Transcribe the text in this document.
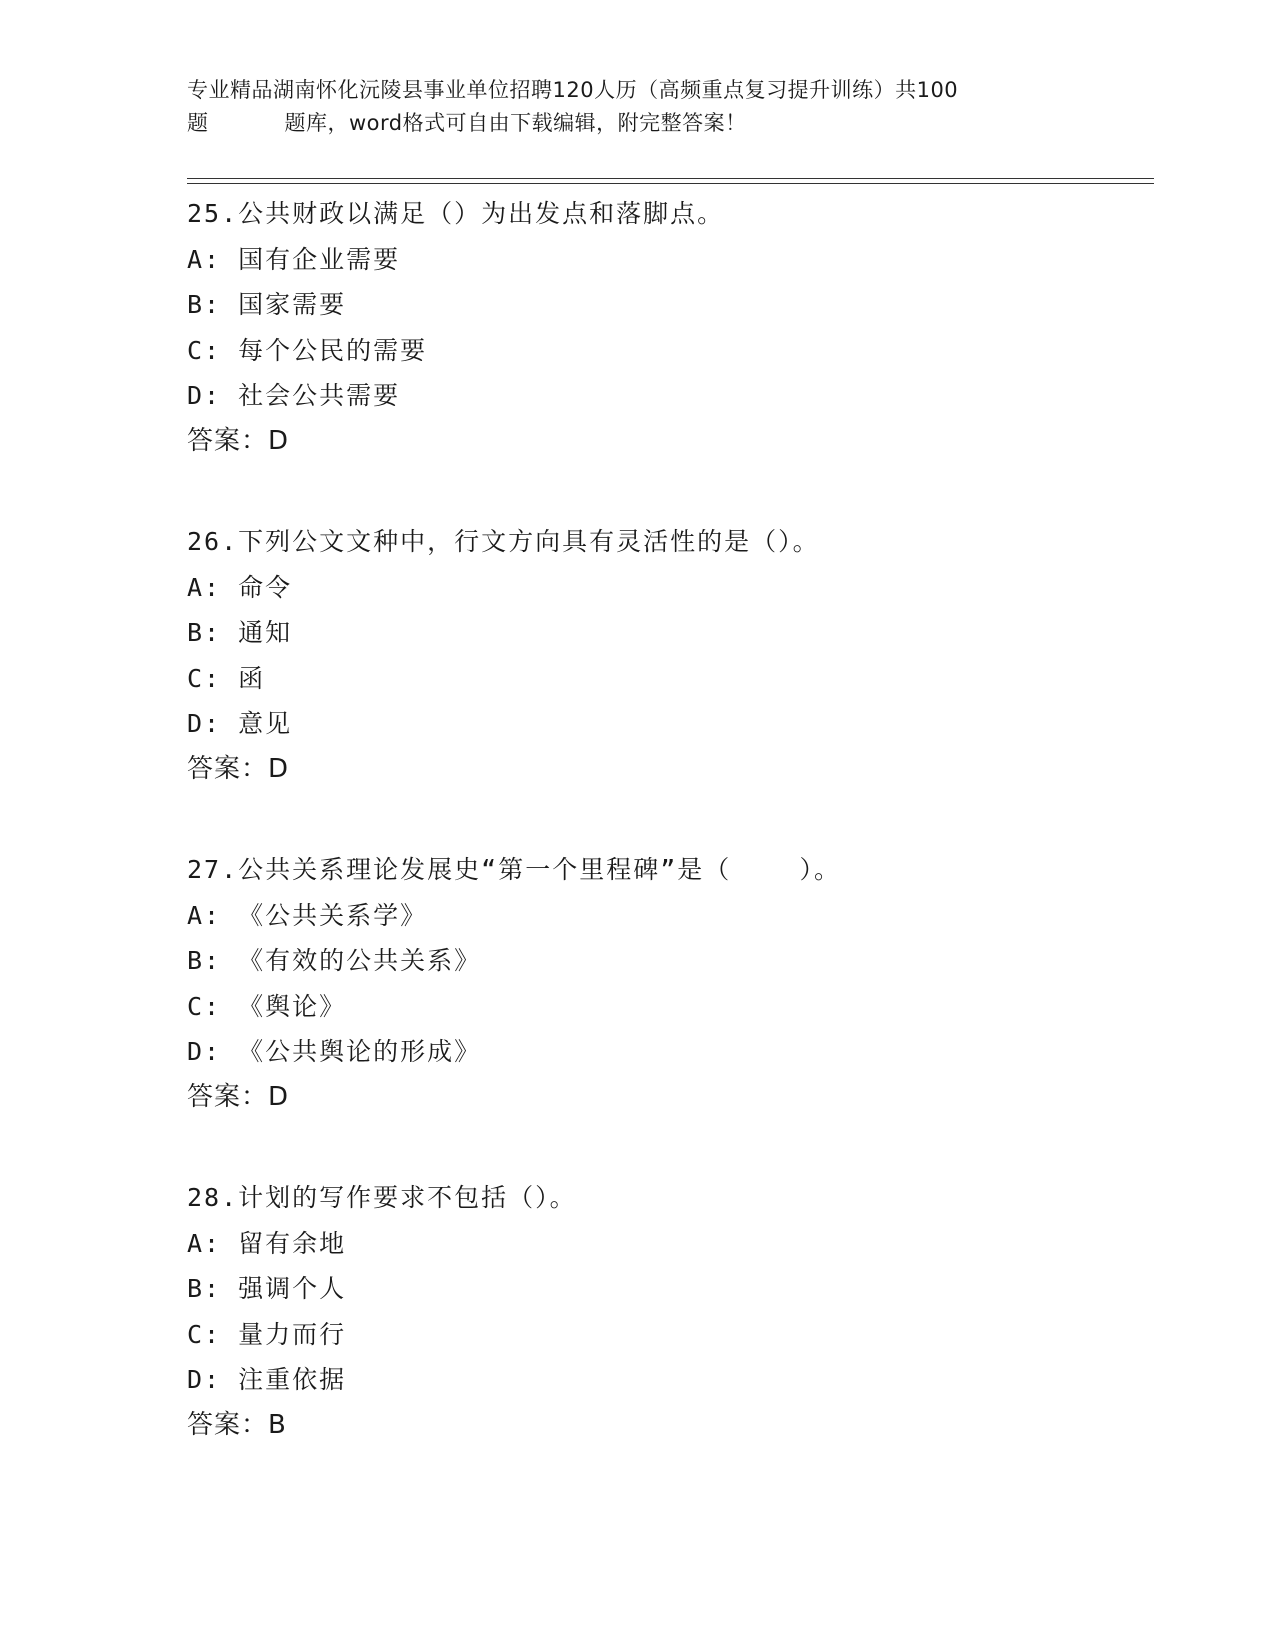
专业精品湖南怀化沅陵县事业单位招聘120人历（高频重点复习提升训练）共100
题	题库，word格式可自由下载编辑，附完整答案！
25.公共财政以满足（）为出发点和落脚点。
A: 国有企业需要
B: 国家需要
C: 每个公民的需要
D: 社会公共需要
答案：D
26.下列公文文种中，行文方向具有灵活性的是（）。
A: 命令
B: 通知
C: 函
D: 意见
答案：D
27.公共关系理论发展史“第一个里程碑”是（    ）。
A: 《公共关系学》
B: 《有效的公共关系》
C: 《舆论》
D: 《公共舆论的形成》
答案：D
28.计划的写作要求不包括（）。
A: 留有余地
B: 强调个人
C: 量力而行
D: 注重依据
答案：B
